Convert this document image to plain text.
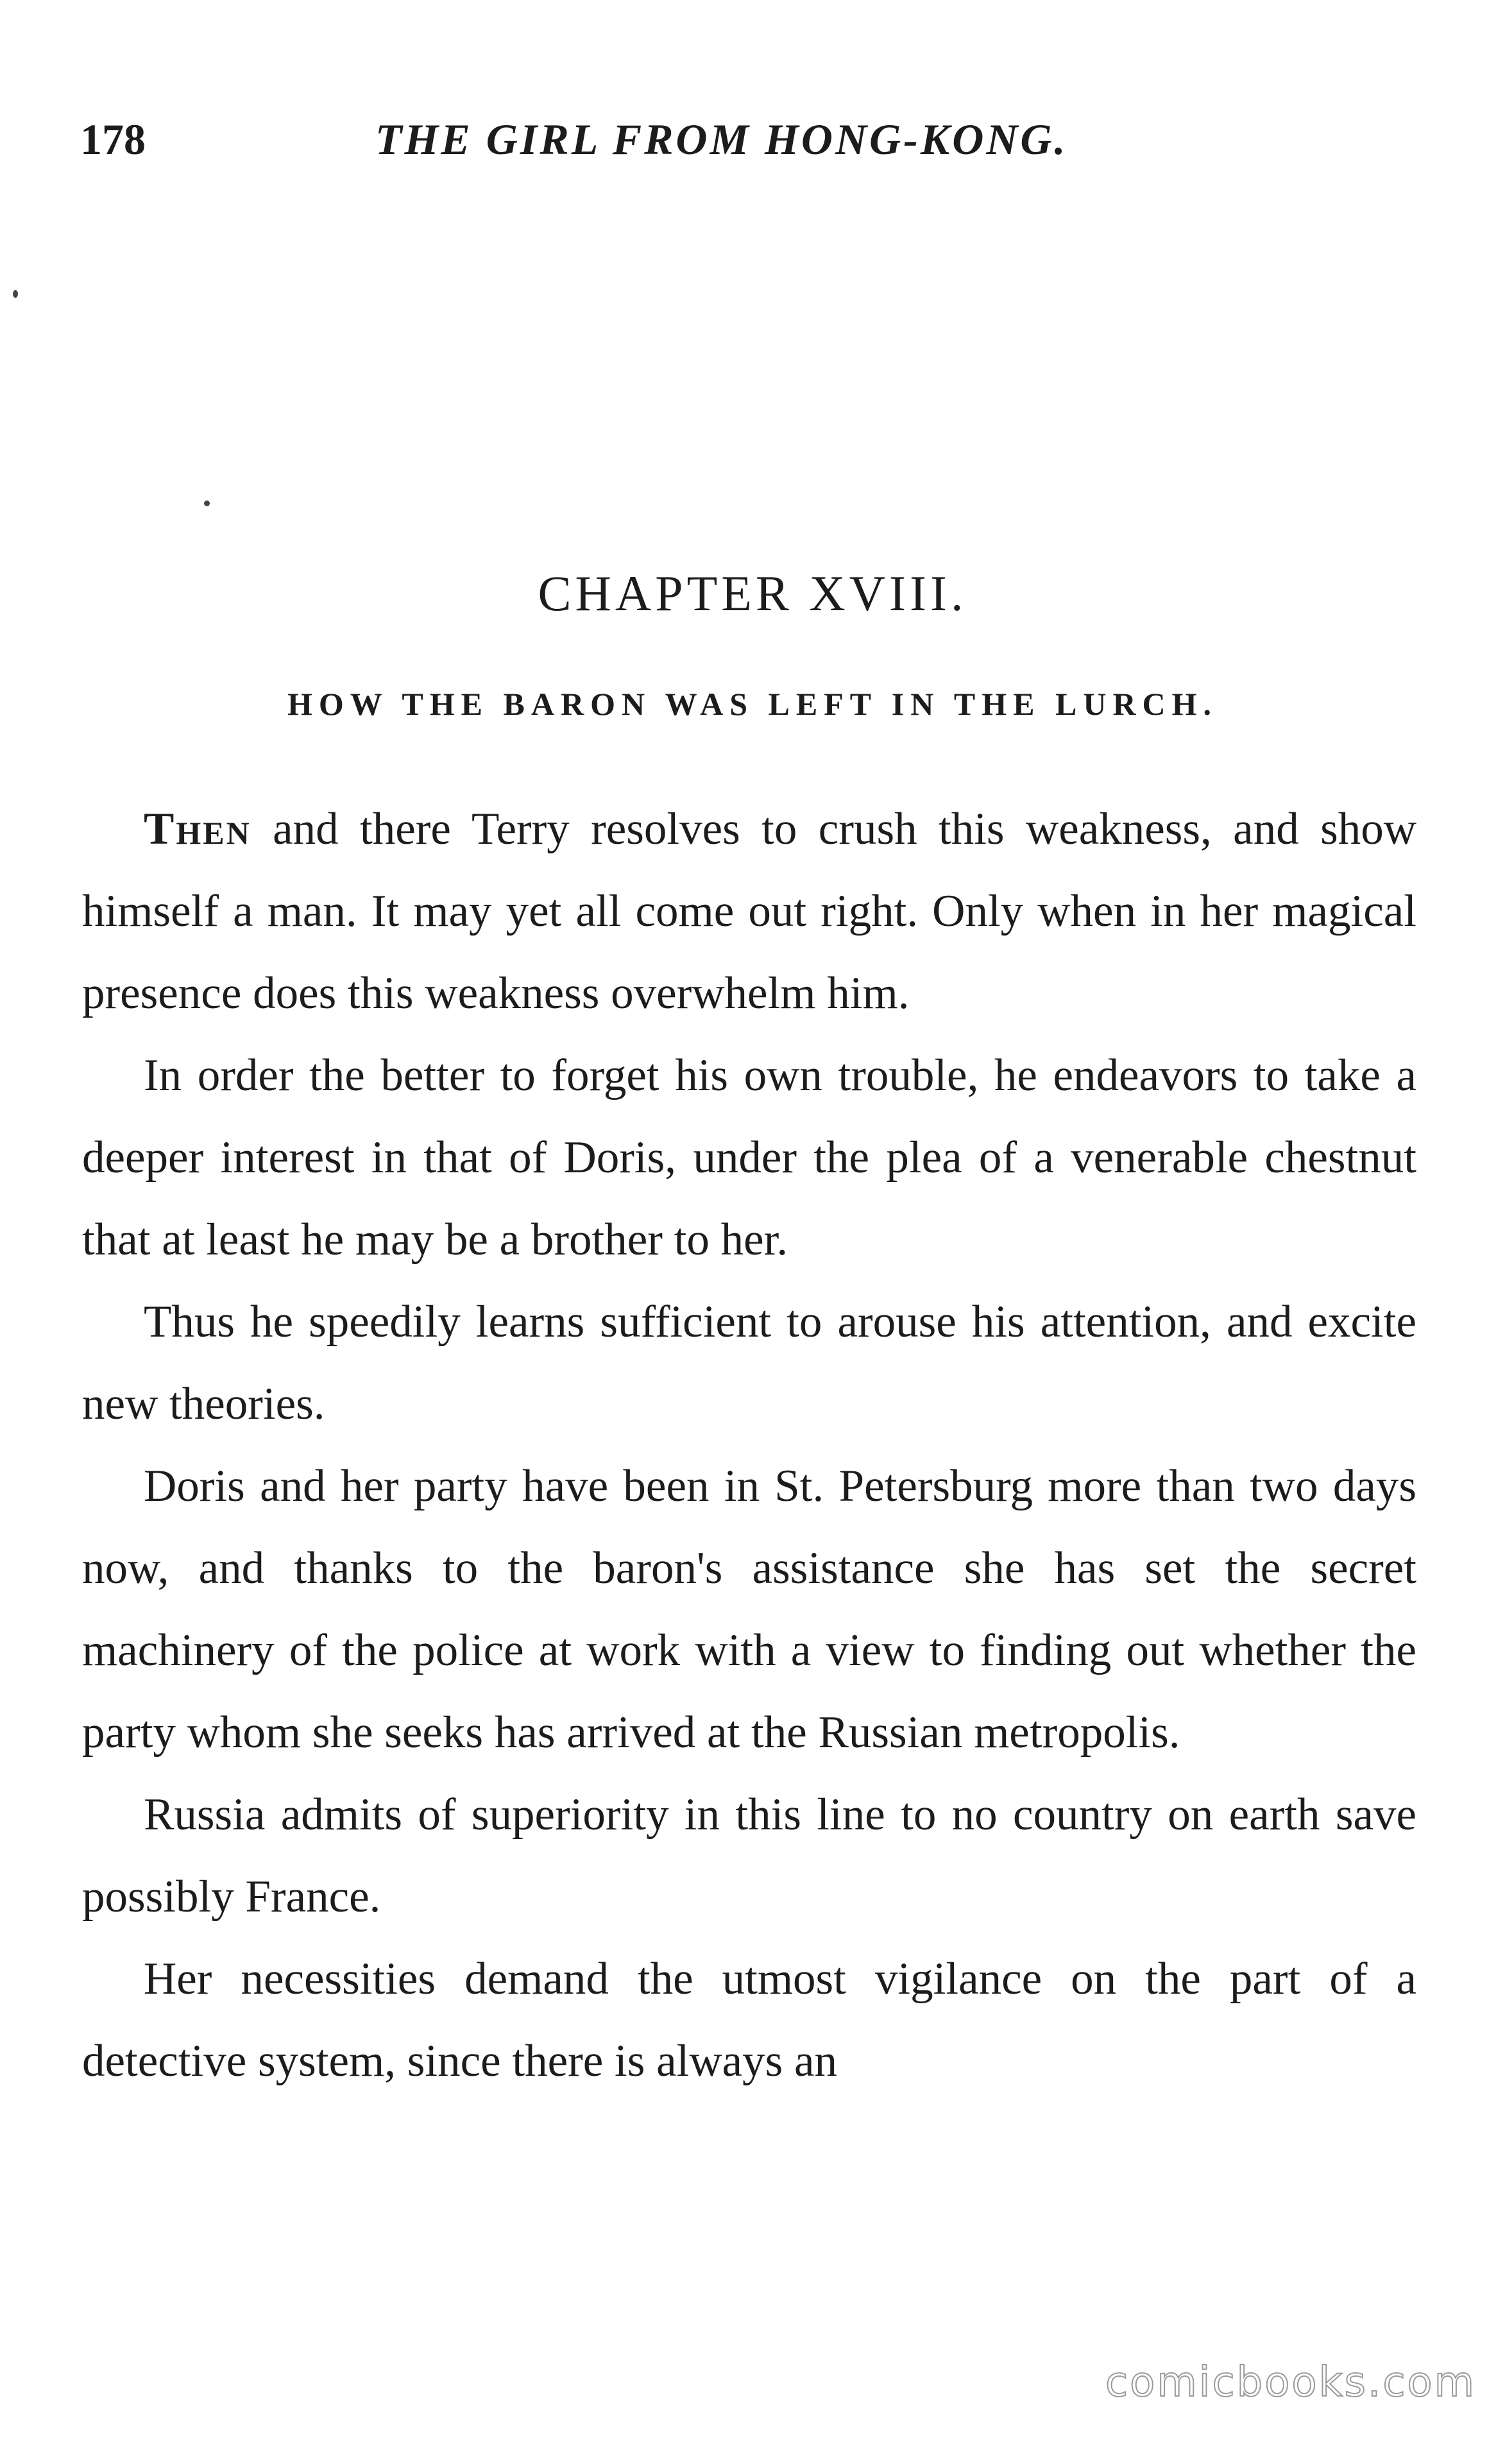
178	THE GIRL FROM HONG-KONG.
CHAPTER XVIII.
HOW THE BARON WAS LEFT IN THE LURCH.

Then and there Terry resolves to crush this weakness, and show himself a man. It may yet all come out right. Only when in her magical presence does this weakness overwhelm him.

In order the better to forget his own trouble, he endeavors to take a deeper interest in that of Doris, under the plea of a venerable chestnut that at least he may be a brother to her.

Thus he speedily learns sufficient to arouse his attention, and excite new theories.

Doris and her party have been in St. Petersburg more than two days now, and thanks to the baron's assistance she has set the secret machinery of the police at work with a view to finding out whether the party whom she seeks has arrived at the Russian metropolis.

Russia admits of superiority in this line to no country on earth save possibly France.

Her necessities demand the utmost vigilance on the part of a detective system, since there is always an

comicbooks.com
